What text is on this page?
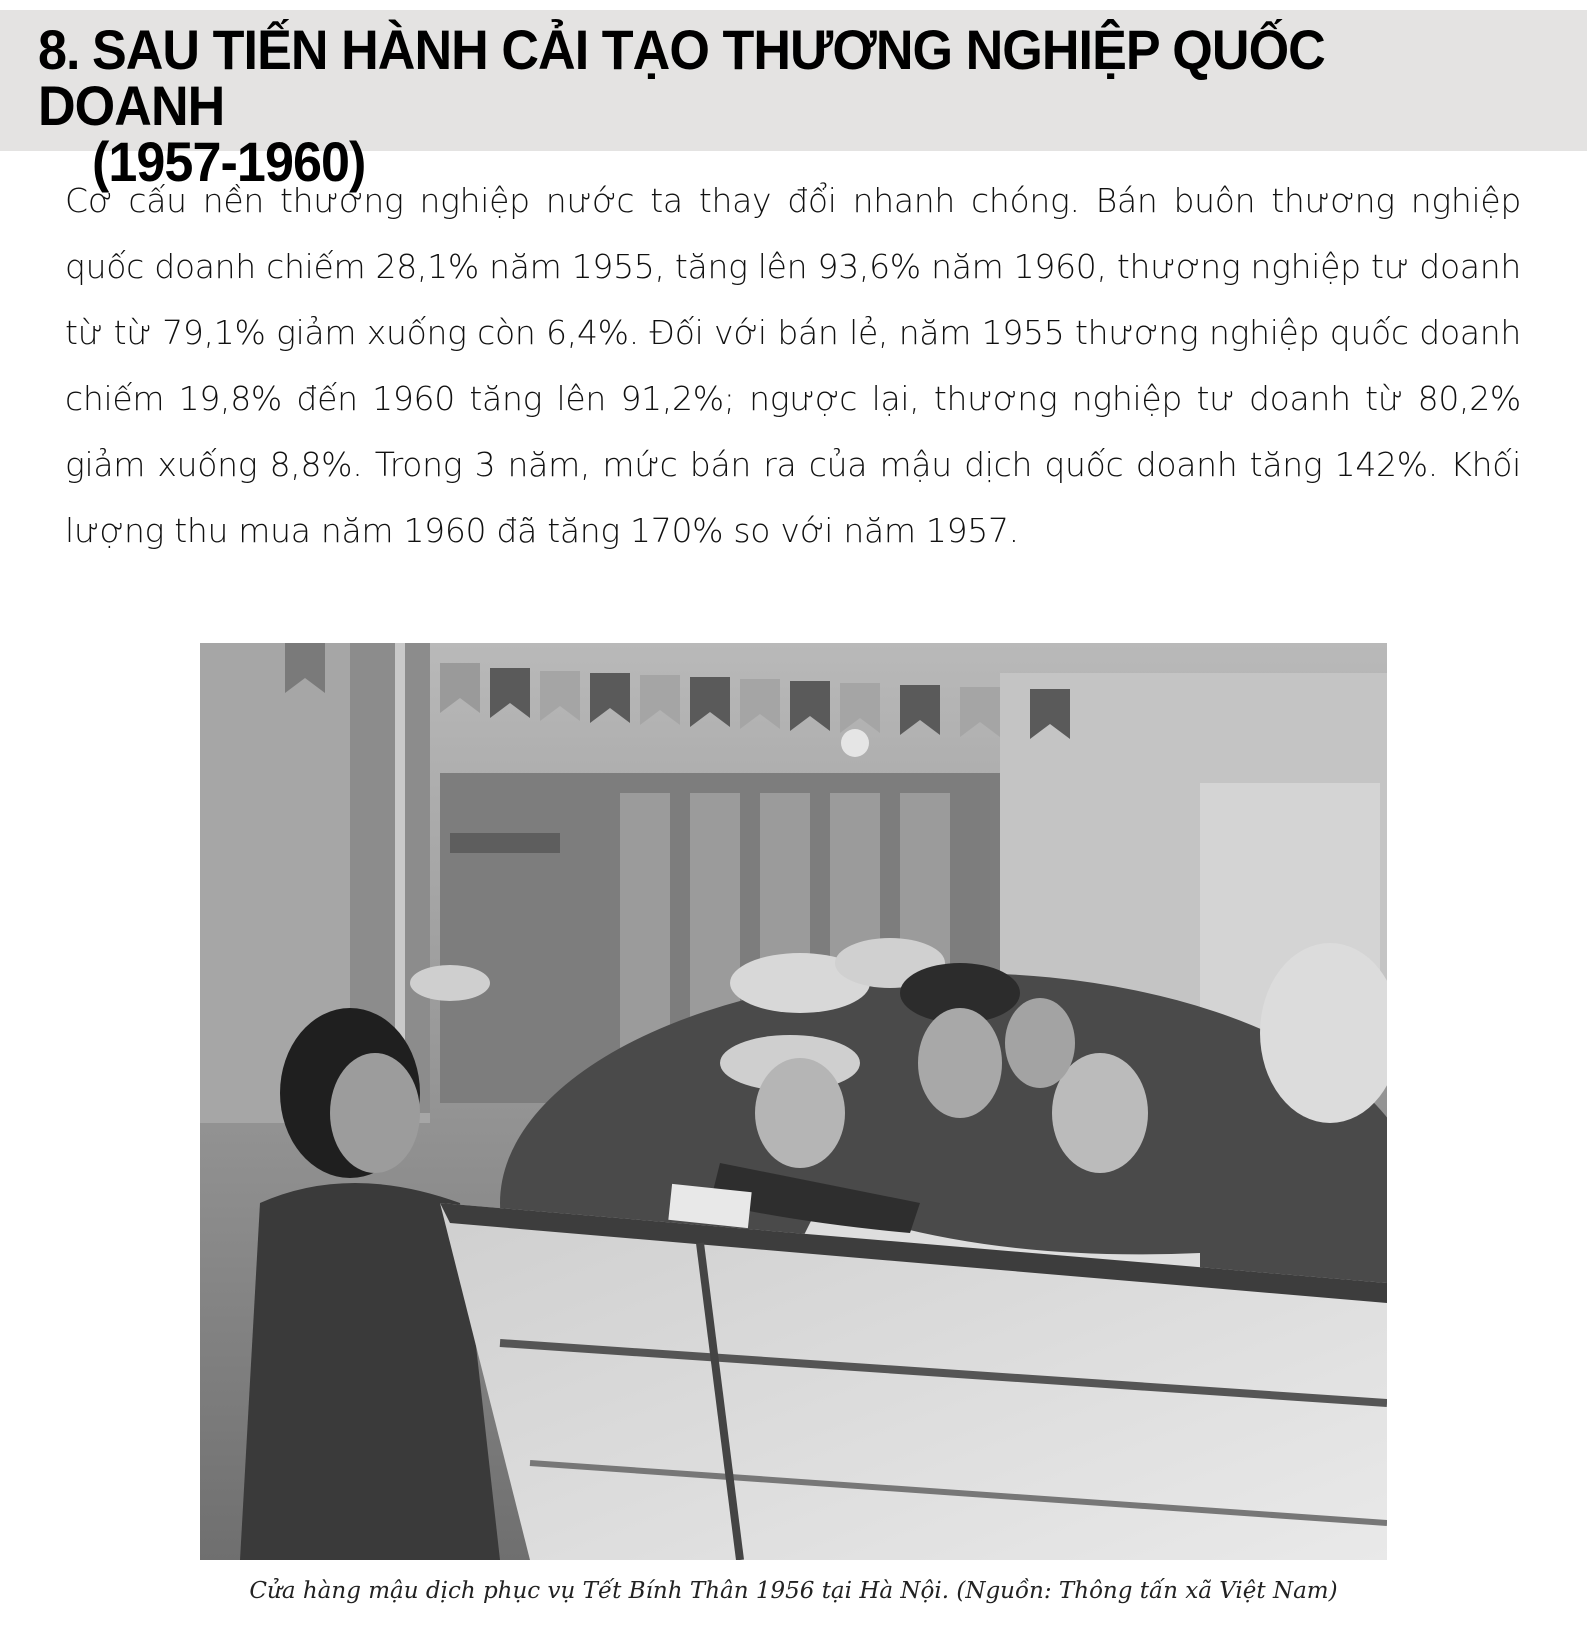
8. SAU TIẾN HÀNH CẢI TẠO THƯƠNG NGHIỆP QUỐC DOANH
(1957-1960)

Cơ cấu nền thương nghiệp nước ta thay đổi nhanh chóng. Bán buôn thương nghiệp quốc doanh chiếm 28,1% năm 1955, tăng lên 93,6% năm 1960, thương nghiệp tư doanh từ từ 79,1% giảm xuống còn 6,4%. Đối với bán lẻ, năm 1955 thương nghiệp quốc doanh chiếm 19,8% đến 1960 tăng lên 91,2%; ngược lại, thương nghiệp tư doanh từ 80,2% giảm xuống 8,8%. Trong 3 năm, mức bán ra của mậu dịch quốc doanh tăng 142%. Khối lượng thu mua năm 1960 đã tăng 170% so với năm 1957.

Cửa hàng mậu dịch phục vụ Tết Bính Thân 1956 tại Hà Nội. (Nguồn: Thông tấn xã Việt Nam)
